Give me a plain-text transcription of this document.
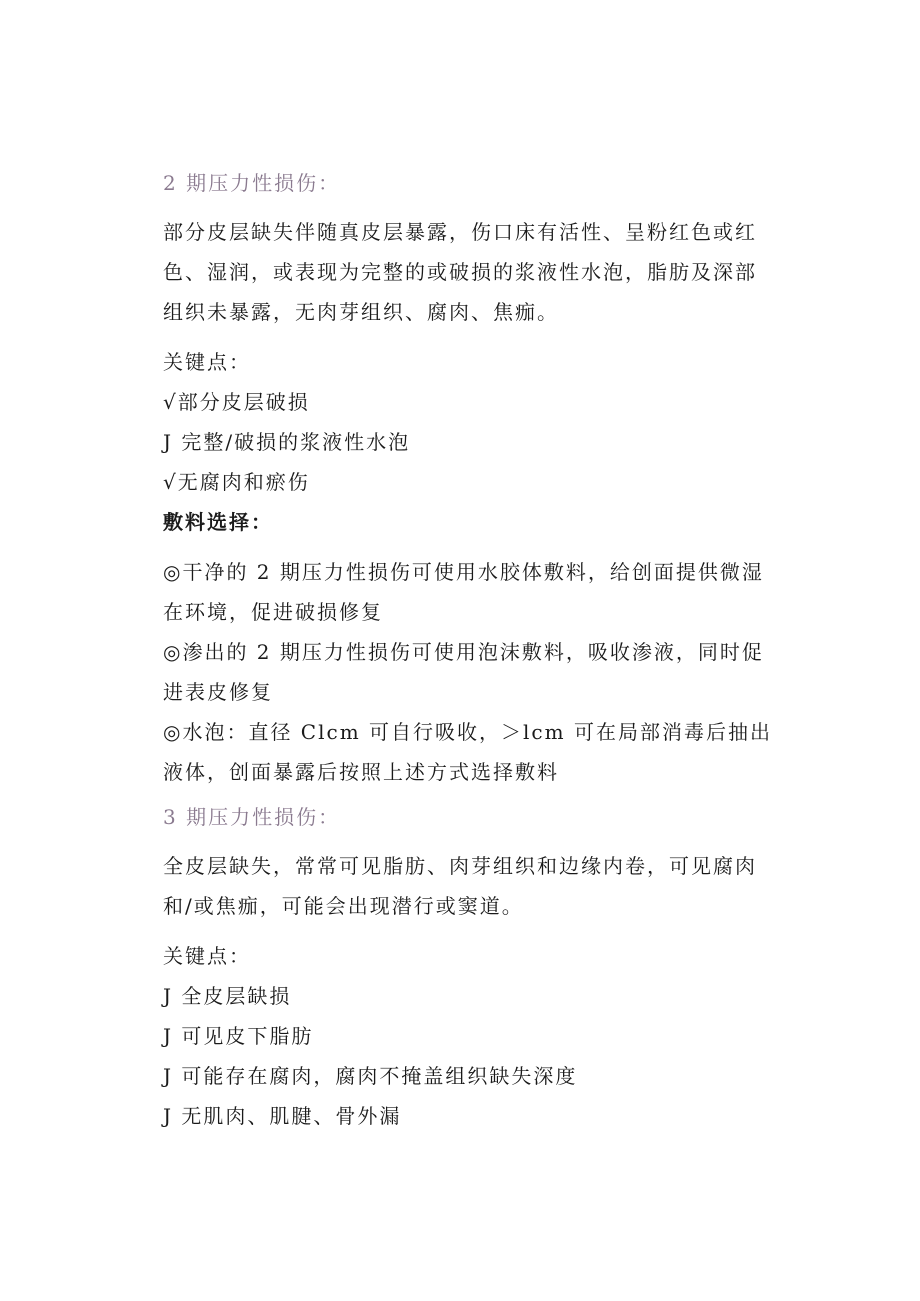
2 期压力性损伤：
部分皮层缺失伴随真皮层暴露，伤口床有活性、呈粉红色或红
色、湿润，或表现为完整的或破损的浆液性水泡，脂肪及深部
组织未暴露，无肉芽组织、腐肉、焦痂。
关键点：
√部分皮层破损
J 完整/破损的浆液性水泡
√无腐肉和瘀伤
敷料选择：
◎干净的 2 期压力性损伤可使用水胶体敷料，给创面提供微湿
在环境，促进破损修复
◎渗出的 2 期压力性损伤可使用泡沫敷料，吸收渗液，同时促
进表皮修复
◎水泡：直径 Clcm 可自行吸收，＞lcm 可在局部消毒后抽出
液体，创面暴露后按照上述方式选择敷料
3 期压力性损伤：
全皮层缺失，常常可见脂肪、肉芽组织和边缘内卷，可见腐肉
和/或焦痂，可能会出现潜行或窦道。
关键点：
J 全皮层缺损
J 可见皮下脂肪
J 可能存在腐肉，腐肉不掩盖组织缺失深度
J 无肌肉、肌腱、骨外漏
